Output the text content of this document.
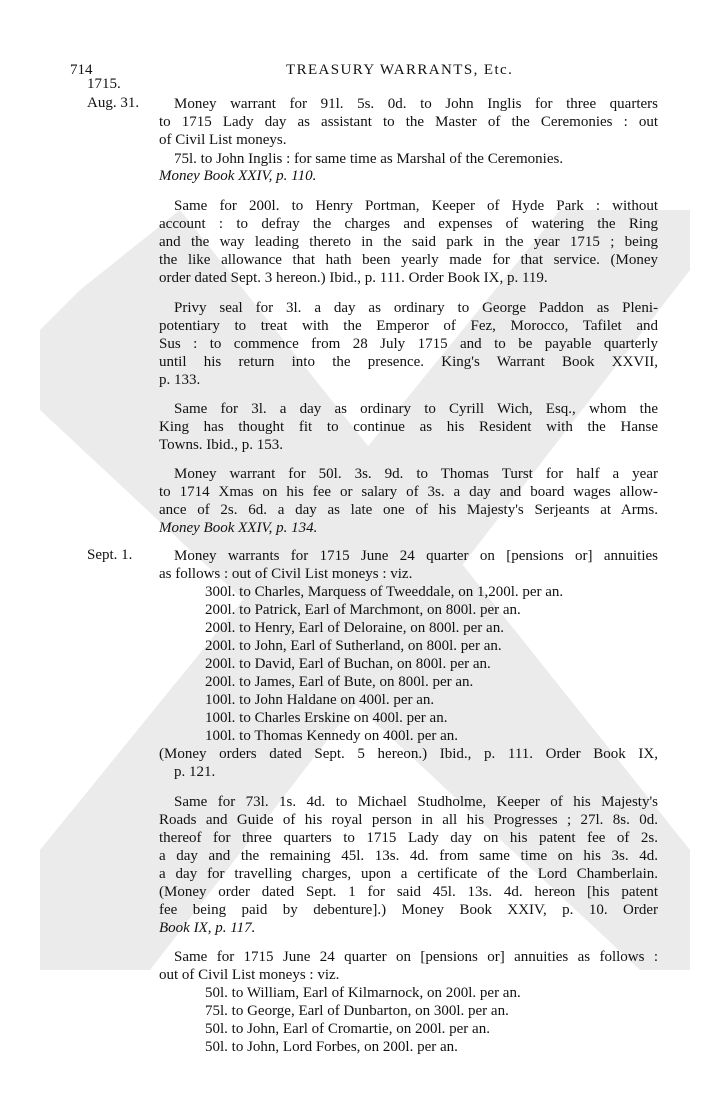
714	TREASURY WARRANTS, Etc.
1715.
Aug. 31.
Sept. 1.
Money warrant for 91l. 5s. 0d. to John Inglis for three quarters
to 1715 Lady day as assistant to the Master of the Ceremonies : out
of Civil List moneys.
75l. to John Inglis : for same time as Marshal of the Ceremonies.
Money Book XXIV, p. 110.
Same for 200l. to Henry Portman, Keeper of Hyde Park : without
account : to defray the charges and expenses of watering the Ring
and the way leading thereto in the said park in the year 1715 ; being
the like allowance that hath been yearly made for that service. (Money
order dated Sept. 3 hereon.) Ibid., p. 111. Order Book IX, p. 119.
Privy seal for 3l. a day as ordinary to George Paddon as Pleni-
potentiary to treat with the Emperor of Fez, Morocco, Tafilet and
Sus : to commence from 28 July 1715 and to be payable quarterly
until his return into the presence. King's Warrant Book XXVII,
p. 133.
Same for 3l. a day as ordinary to Cyrill Wich, Esq., whom the
King has thought fit to continue as his Resident with the Hanse
Towns. Ibid., p. 153.
Money warrant for 50l. 3s. 9d. to Thomas Turst for half a year
to 1714 Xmas on his fee or salary of 3s. a day and board wages allow-
ance of 2s. 6d. a day as late one of his Majesty's Serjeants at Arms.
Money Book XXIV, p. 134.
Money warrants for 1715 June 24 quarter on [pensions or] annuities
as follows : out of Civil List moneys : viz.
300l. to Charles, Marquess of Tweeddale, on 1,200l. per an.
200l. to Patrick, Earl of Marchmont, on 800l. per an.
200l. to Henry, Earl of Deloraine, on 800l. per an.
200l. to John, Earl of Sutherland, on 800l. per an.
200l. to David, Earl of Buchan, on 800l. per an.
200l. to James, Earl of Bute, on 800l. per an.
100l. to John Haldane on 400l. per an.
100l. to Charles Erskine on 400l. per an.
100l. to Thomas Kennedy on 400l. per an.
(Money orders dated Sept. 5 hereon.) Ibid., p. 111. Order Book IX,
p. 121.
Same for 73l. 1s. 4d. to Michael Studholme, Keeper of his Majesty's
Roads and Guide of his royal person in all his Progresses ; 27l. 8s. 0d.
thereof for three quarters to 1715 Lady day on his patent fee of 2s.
a day and the remaining 45l. 13s. 4d. from same time on his 3s. 4d.
a day for travelling charges, upon a certificate of the Lord Chamberlain.
(Money order dated Sept. 1 for said 45l. 13s. 4d. hereon [his patent
fee being paid by debenture].) Money Book XXIV, p. 10. Order
Book IX, p. 117.
Same for 1715 June 24 quarter on [pensions or] annuities as follows :
out of Civil List moneys : viz.
50l. to William, Earl of Kilmarnock, on 200l. per an.
75l. to George, Earl of Dunbarton, on 300l. per an.
50l. to John, Earl of Cromartie, on 200l. per an.
50l. to John, Lord Forbes, on 200l. per an.
